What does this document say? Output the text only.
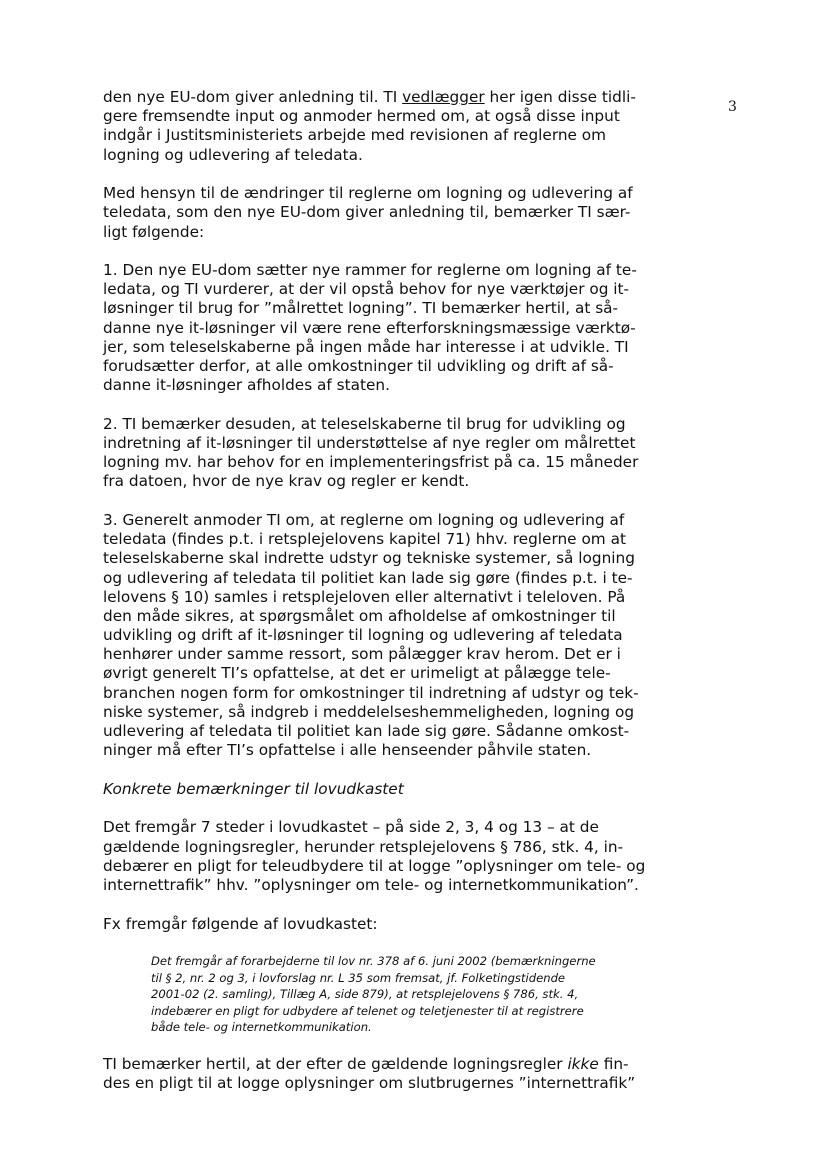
3
den nye EU-dom giver anledning til. TI vedlægger her igen disse tidli-
gere fremsendte input og anmoder hermed om, at også disse input
indgår i Justitsministeriets arbejde med revisionen af reglerne om
logning og udlevering af teledata.
Med hensyn til de ændringer til reglerne om logning og udlevering af
teledata, som den nye EU-dom giver anledning til, bemærker TI sær-
ligt følgende:
1. Den nye EU-dom sætter nye rammer for reglerne om logning af te-
ledata, og TI vurderer, at der vil opstå behov for nye værktøjer og it-
løsninger til brug for ”målrettet logning”. TI bemærker hertil, at så-
danne nye it-løsninger vil være rene efterforskningsmæssige værktø-
jer, som teleselskaberne på ingen måde har interesse i at udvikle. TI
forudsætter derfor, at alle omkostninger til udvikling og drift af så-
danne it-løsninger afholdes af staten.
2. TI bemærker desuden, at teleselskaberne til brug for udvikling og
indretning af it-løsninger til understøttelse af nye regler om målrettet
logning mv. har behov for en implementeringsfrist på ca. 15 måneder
fra datoen, hvor de nye krav og regler er kendt.
3. Generelt anmoder TI om, at reglerne om logning og udlevering af
teledata (findes p.t. i retsplejelovens kapitel 71) hhv. reglerne om at
teleselskaberne skal indrette udstyr og tekniske systemer, så logning
og udlevering af teledata til politiet kan lade sig gøre (findes p.t. i te-
lelovens § 10) samles i retsplejeloven eller alternativt i teleloven. På
den måde sikres, at spørgsmålet om afholdelse af omkostninger til
udvikling og drift af it-løsninger til logning og udlevering af teledata
henhører under samme ressort, som pålægger krav herom. Det er i
øvrigt generelt TI’s opfattelse, at det er urimeligt at pålægge tele-
branchen nogen form for omkostninger til indretning af udstyr og tek-
niske systemer, så indgreb i meddelelseshemmeligheden, logning og
udlevering af teledata til politiet kan lade sig gøre. Sådanne omkost-
ninger må efter TI’s opfattelse i alle henseender påhvile staten.
Konkrete bemærkninger til lovudkastet
Det fremgår 7 steder i lovudkastet – på side 2, 3, 4 og 13 – at de
gældende logningsregler, herunder retsplejelovens § 786, stk. 4, in-
debærer en pligt for teleudbydere til at logge ”oplysninger om tele- og
internettrafik” hhv. ”oplysninger om tele- og internetkommunikation”.
Fx fremgår følgende af lovudkastet:
Det fremgår af forarbejderne til lov nr. 378 af 6. juni 2002 (bemærkningerne
til § 2, nr. 2 og 3, i lovforslag nr. L 35 som fremsat, jf. Folketingstidende
2001-02 (2. samling), Tillæg A, side 879), at retsplejelovens § 786, stk. 4,
indebærer en pligt for udbydere af telenet og teletjenester til at registrere
både tele- og internetkommunikation.
TI bemærker hertil, at der efter de gældende logningsregler ikke fin-
des en pligt til at logge oplysninger om slutbrugernes ”internettrafik”
